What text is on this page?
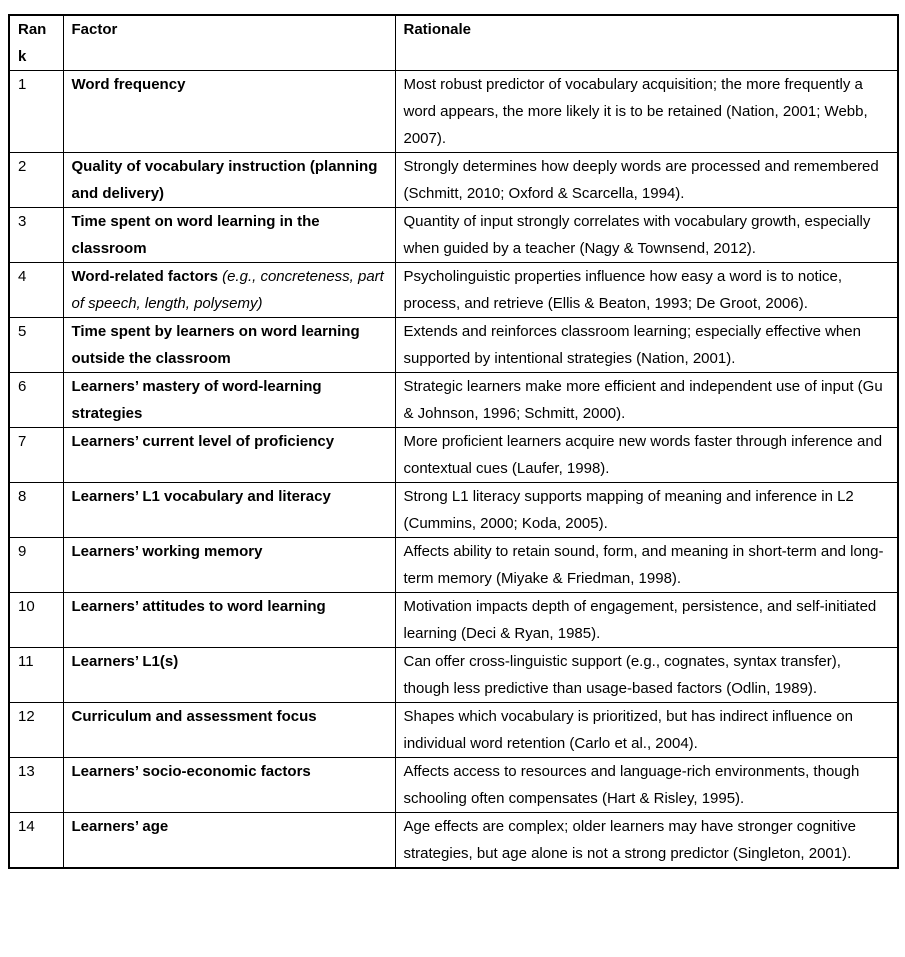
Rank	Factor	Rationale
1	Word frequency	Most robust predictor of vocabulary acquisition; the more frequently a word appears, the more likely it is to be retained (Nation, 2001; Webb, 2007).
2	Quality of vocabulary instruction (planning and delivery)	Strongly determines how deeply words are processed and remembered (Schmitt, 2010; Oxford & Scarcella, 1994).
3	Time spent on word learning in the classroom	Quantity of input strongly correlates with vocabulary growth, especially when guided by a teacher (Nagy & Townsend, 2012).
4	Word-related factors (e.g., concreteness, part of speech, length, polysemy)	Psycholinguistic properties influence how easy a word is to notice, process, and retrieve (Ellis & Beaton, 1993; De Groot, 2006).
5	Time spent by learners on word learning outside the classroom	Extends and reinforces classroom learning; especially effective when supported by intentional strategies (Nation, 2001).
6	Learners’ mastery of word-learning strategies	Strategic learners make more efficient and independent use of input (Gu & Johnson, 1996; Schmitt, 2000).
7	Learners’ current level of proficiency	More proficient learners acquire new words faster through inference and contextual cues (Laufer, 1998).
8	Learners’ L1 vocabulary and literacy	Strong L1 literacy supports mapping of meaning and inference in L2 (Cummins, 2000; Koda, 2005).
9	Learners’ working memory	Affects ability to retain sound, form, and meaning in short-term and long-term memory (Miyake & Friedman, 1998).
10	Learners’ attitudes to word learning	Motivation impacts depth of engagement, persistence, and self-initiated learning (Deci & Ryan, 1985).
11	Learners’ L1(s)	Can offer cross-linguistic support (e.g., cognates, syntax transfer), though less predictive than usage-based factors (Odlin, 1989).
12	Curriculum and assessment focus	Shapes which vocabulary is prioritized, but has indirect influence on individual word retention (Carlo et al., 2004).
13	Learners’ socio-economic factors	Affects access to resources and language-rich environments, though schooling often compensates (Hart & Risley, 1995).
14	Learners’ age	Age effects are complex; older learners may have stronger cognitive strategies, but age alone is not a strong predictor (Singleton, 2001).
